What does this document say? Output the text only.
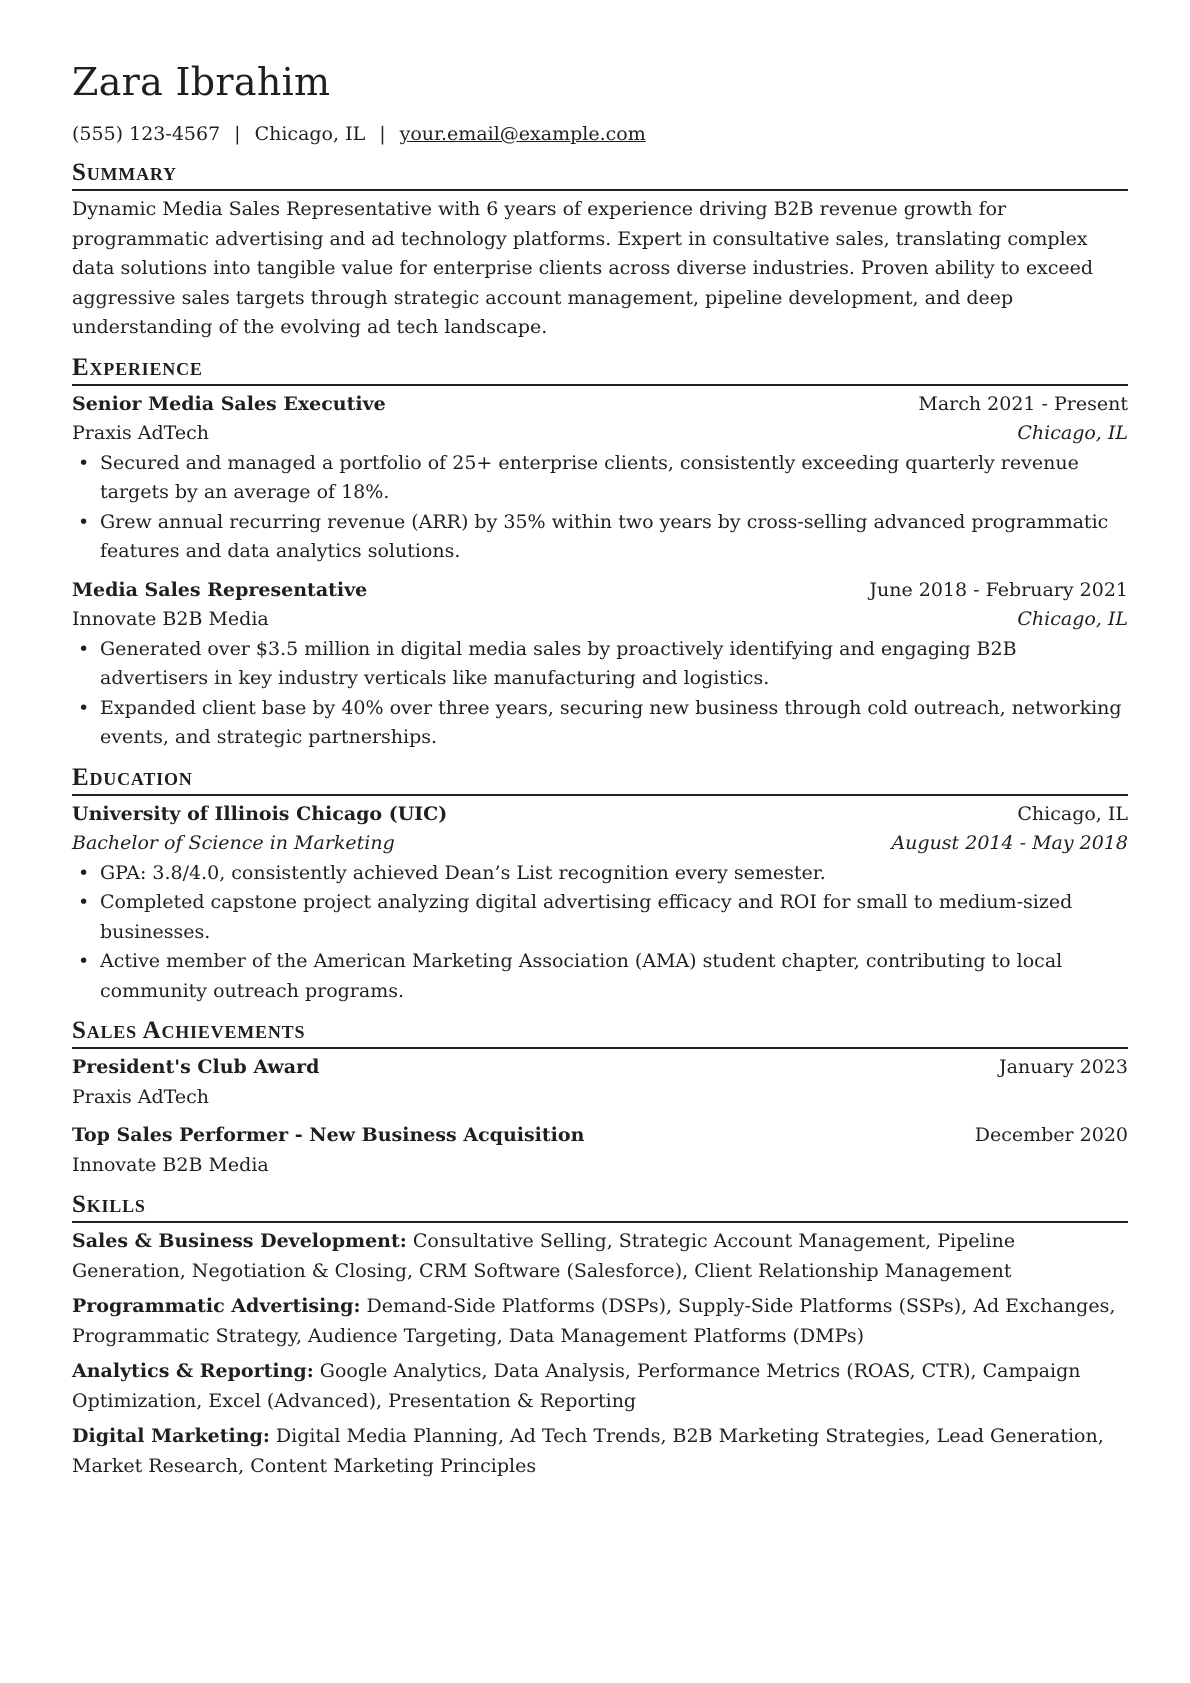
Zara Ibrahim
(555) 123-4567 | Chicago, IL | your.email@example.com
Summary

Dynamic Media Sales Representative with 6 years of experience driving B2B revenue growth for programmatic advertising and ad technology platforms. Expert in consultative sales, translating complex data solutions into tangible value for enterprise clients across diverse industries. Proven ability to exceed aggressive sales targets through strategic account management, pipeline development, and deep understanding of the evolving ad tech landscape.

Experience
Senior Media Sales Executive	March 2021 - Present
Praxis AdTech	Chicago, IL
• Secured and managed a portfolio of 25+ enterprise clients, consistently exceeding quarterly revenue targets by an average of 18%.
• Grew annual recurring revenue (ARR) by 35% within two years by cross-selling advanced programmatic features and data analytics solutions.
Media Sales Representative	June 2018 - February 2021
Innovate B2B Media	Chicago, IL
• Generated over $3.5 million in digital media sales by proactively identifying and engaging B2B advertisers in key industry verticals like manufacturing and logistics.
• Expanded client base by 40% over three years, securing new business through cold outreach, networking events, and strategic partnerships.
Education
University of Illinois Chicago (UIC)	Chicago, IL
Bachelor of Science in Marketing	August 2014 - May 2018
• GPA: 3.8/4.0, consistently achieved Dean’s List recognition every semester.
• Completed capstone project analyzing digital advertising efficacy and ROI for small to medium-sized businesses.
• Active member of the American Marketing Association (AMA) student chapter, contributing to local community outreach programs.
Sales Achievements
President's Club Award	January 2023
Praxis AdTech
Top Sales Performer - New Business Acquisition	December 2020
Innovate B2B Media
Skills
Sales & Business Development: Consultative Selling, Strategic Account Management, Pipeline Generation, Negotiation & Closing, CRM Software (Salesforce), Client Relationship Management
Programmatic Advertising: Demand-Side Platforms (DSPs), Supply-Side Platforms (SSPs), Ad Exchanges, Programmatic Strategy, Audience Targeting, Data Management Platforms (DMPs)
Analytics & Reporting: Google Analytics, Data Analysis, Performance Metrics (ROAS, CTR), Campaign Optimization, Excel (Advanced), Presentation & Reporting
Digital Marketing: Digital Media Planning, Ad Tech Trends, B2B Marketing Strategies, Lead Generation, Market Research, Content Marketing Principles
